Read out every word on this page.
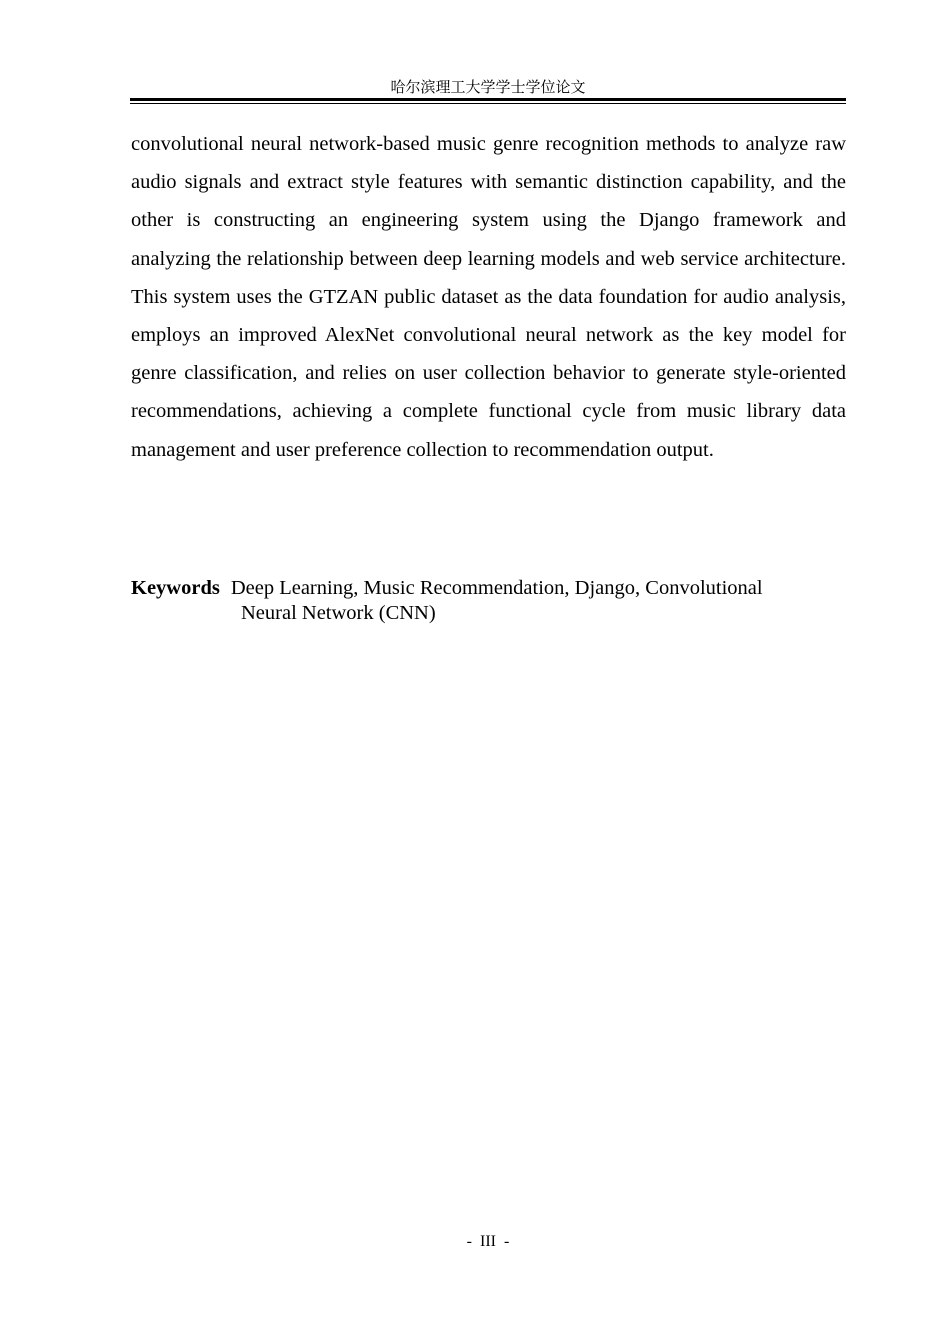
哈尔滨理工大学学士学位论文

convolutional neural network-based music genre recognition methods to analyze raw audio signals and extract style features with semantic distinction capability, and the other is constructing an engineering system using the Django framework and analyzing the relationship between deep learning models and web service architecture. This system uses the GTZAN public dataset as the data foundation for audio analysis, employs an improved AlexNet convolutional neural network as the key model for genre classification, and relies on user collection behavior to generate style-oriented recommendations, achieving a complete functional cycle from music library data management and user preference collection to recommendation output.

Keywords Deep Learning, Music Recommendation, Django, Convolutional
Neural Network (CNN)
-  III  -
